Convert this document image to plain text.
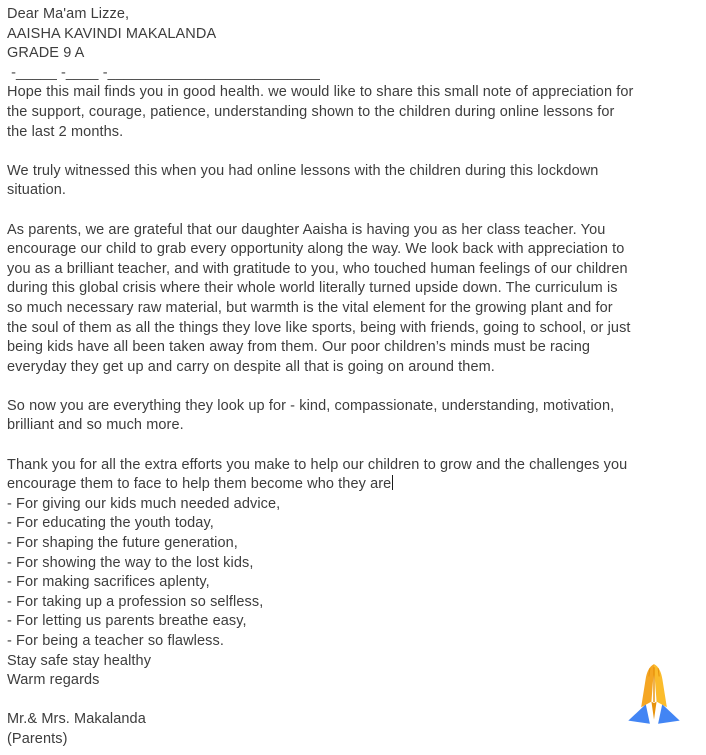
Dear Ma'am Lizze,
AAISHA KAVINDI MAKALANDA
GRADE 9 A
-_____ -____ -__________________________
Hope this mail finds you in good health. we would like to share this small note of appreciation for
the support, courage, patience, understanding shown to the children during online lessons for
the last 2 months.
We truly witnessed this when you had online lessons with the children during this lockdown
situation.
As parents, we are grateful that our daughter Aaisha is having you as her class teacher. You
encourage our child to grab every opportunity along the way. We look back with appreciation to
you as a brilliant teacher, and with gratitude to you, who touched human feelings of our children
during this global crisis where their whole world literally turned upside down. The curriculum is
so much necessary raw material, but warmth is the vital element for the growing plant and for
the soul of them as all the things they love like sports, being with friends, going to school, or just
being kids have all been taken away from them. Our poor children’s minds must be racing
everyday they get up and carry on despite all that is going on around them.
So now you are everything they look up for - kind, compassionate, understanding, motivation,
brilliant and so much more.
Thank you for all the extra efforts you make to help our children to grow and the challenges you
encourage them to face to help them become who they are
- For giving our kids much needed advice,
- For educating the youth today,
- For shaping the future generation,
- For showing the way to the lost kids,
- For making sacrifices aplenty,
- For taking up a profession so selfless,
- For letting us parents breathe easy,
- For being a teacher so flawless.
Stay safe stay healthy
Warm regards
Mr.& Mrs. Makalanda
(Parents)
